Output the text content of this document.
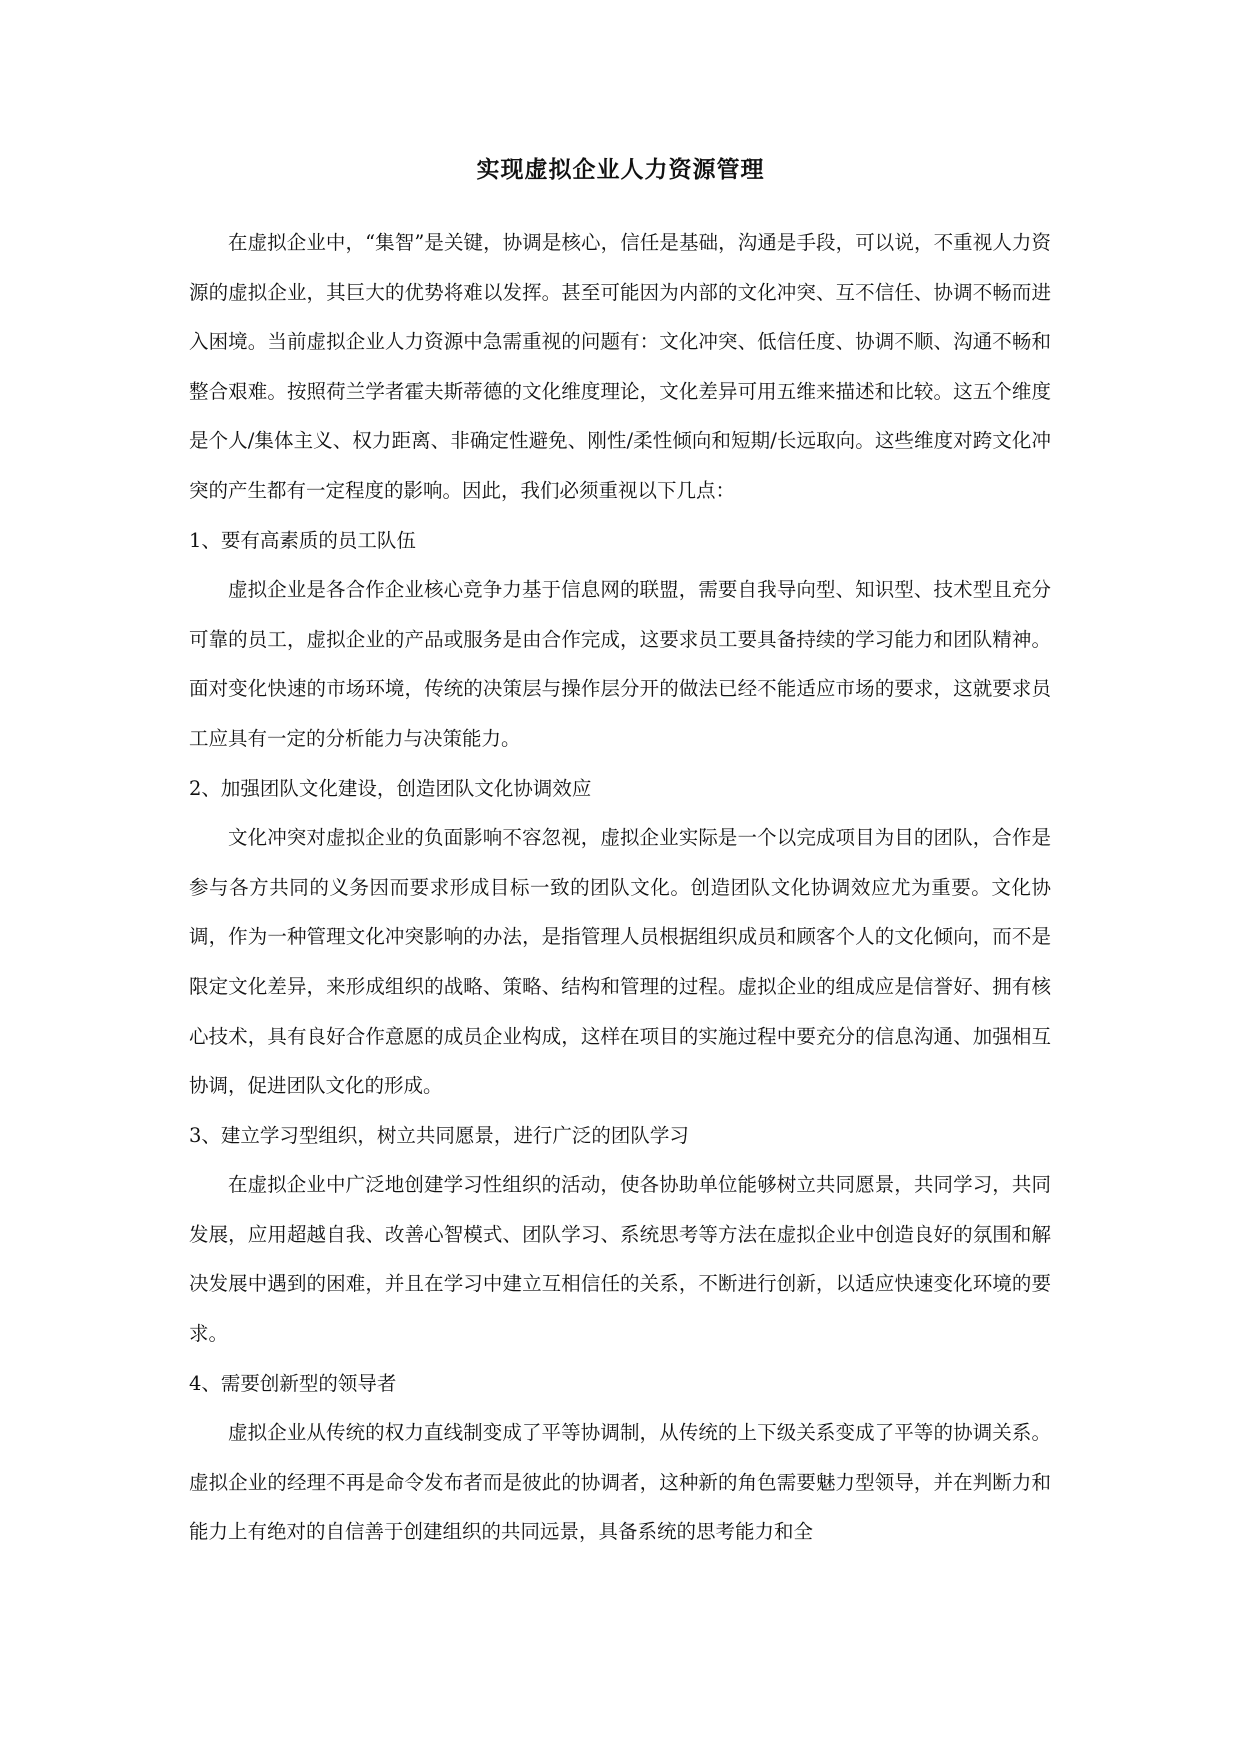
实现虚拟企业人力资源管理

在虚拟企业中，“集智”是关键，协调是核心，信任是基础，沟通是手段，可以说，不重视人力资源的虚拟企业，其巨大的优势将难以发挥。甚至可能因为内部的文化冲突、互不信任、协调不畅而进入困境。当前虚拟企业人力资源中急需重视的问题有：文化冲突、低信任度、协调不顺、沟通不畅和整合艰难。按照荷兰学者霍夫斯蒂德的文化维度理论，文化差异可用五维来描述和比较。这五个维度是个人/集体主义、权力距离、非确定性避免、刚性/柔性倾向和短期/长远取向。这些维度对跨文化冲突的产生都有一定程度的影响。因此，我们必须重视以下几点：

1、要有高素质的员工队伍

虚拟企业是各合作企业核心竞争力基于信息网的联盟，需要自我导向型、知识型、技术型且充分可靠的员工，虚拟企业的产品或服务是由合作完成，这要求员工要具备持续的学习能力和团队精神。面对变化快速的市场环境，传统的决策层与操作层分开的做法已经不能适应市场的要求，这就要求员工应具有一定的分析能力与决策能力。

2、加强团队文化建设，创造团队文化协调效应

文化冲突对虚拟企业的负面影响不容忽视，虚拟企业实际是一个以完成项目为目的团队，合作是参与各方共同的义务因而要求形成目标一致的团队文化。创造团队文化协调效应尤为重要。文化协调，作为一种管理文化冲突影响的办法，是指管理人员根据组织成员和顾客个人的文化倾向，而不是限定文化差异，来形成组织的战略、策略、结构和管理的过程。虚拟企业的组成应是信誉好、拥有核心技术，具有良好合作意愿的成员企业构成，这样在项目的实施过程中要充分的信息沟通、加强相互协调，促进团队文化的形成。

3、建立学习型组织，树立共同愿景，进行广泛的团队学习

在虚拟企业中广泛地创建学习性组织的活动，使各协助单位能够树立共同愿景，共同学习，共同发展，应用超越自我、改善心智模式、团队学习、系统思考等方法在虚拟企业中创造良好的氛围和解决发展中遇到的困难，并且在学习中建立互相信任的关系，不断进行创新，以适应快速变化环境的要求。

4、需要创新型的领导者

虚拟企业从传统的权力直线制变成了平等协调制，从传统的上下级关系变成了平等的协调关系。虚拟企业的经理不再是命令发布者而是彼此的协调者，这种新的角色需要魅力型领导，并在判断力和能力上有绝对的自信善于创建组织的共同远景，具备系统的思考能力和全
